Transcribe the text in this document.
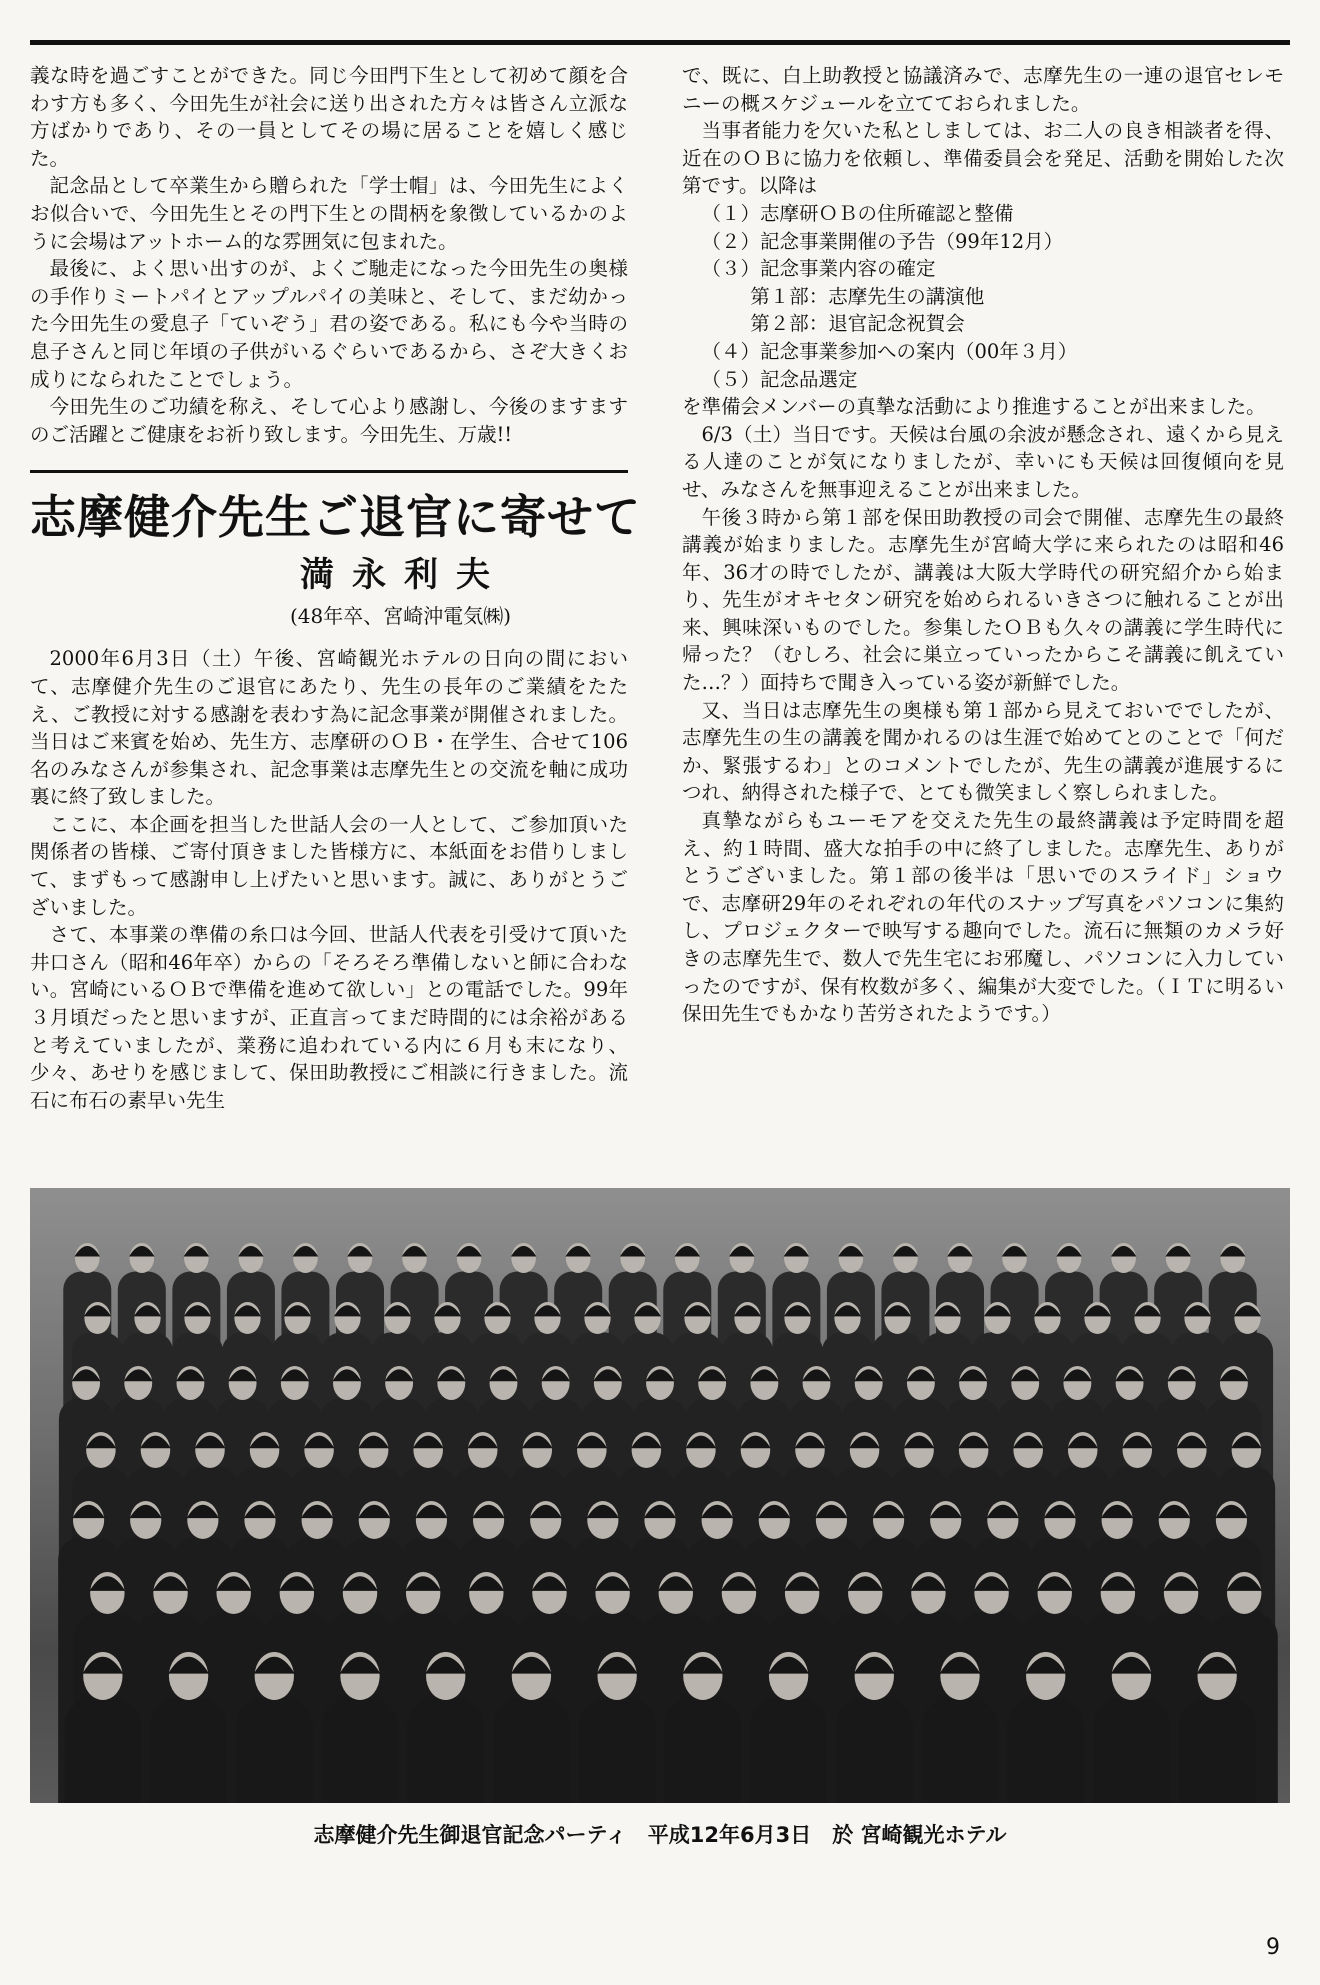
義な時を過ごすことができた。同じ今田門下生として初めて顔を合わす方も多く、今田先生が社会に送り出された方々は皆さん立派な方ばかりであり、その一員としてその場に居ることを嬉しく感じた。

記念品として卒業生から贈られた「学士帽」は、今田先生によくお似合いで、今田先生とその門下生との間柄を象徴しているかのように会場はアットホーム的な雰囲気に包まれた。

最後に、よく思い出すのが、よくご馳走になった今田先生の奥様の手作りミートパイとアップルパイの美味と、そして、まだ幼かった今田先生の愛息子「ていぞう」君の姿である。私にも今や当時の息子さんと同じ年頃の子供がいるぐらいであるから、さぞ大きくお成りになられたことでしょう。

今田先生のご功績を称え、そして心より感謝し、今後のますますのご活躍とご健康をお祈り致します。今田先生、万歳!!

志摩健介先生ご退官に寄せて
満永利夫
(48年卒、宮崎沖電気㈱)

2000年6月3日（土）午後、宮崎観光ホテルの日向の間において、志摩健介先生のご退官にあたり、先生の長年のご業績をたたえ、ご教授に対する感謝を表わす為に記念事業が開催されました。当日はご来賓を始め、先生方、志摩研のＯＢ・在学生、合せて106名のみなさんが参集され、記念事業は志摩先生との交流を軸に成功裏に終了致しました。

ここに、本企画を担当した世話人会の一人として、ご参加頂いた関係者の皆様、ご寄付頂きました皆様方に、本紙面をお借りしまして、まずもって感謝申し上げたいと思います。誠に、ありがとうございました。

さて、本事業の準備の糸口は今回、世話人代表を引受けて頂いた井口さん（昭和46年卒）からの「そろそろ準備しないと師に合わない。宮崎にいるＯＢで準備を進めて欲しい」との電話でした。99年３月頃だったと思いますが、正直言ってまだ時間的には余裕があると考えていましたが、業務に追われている内に６月も末になり、少々、あせりを感じまして、保田助教授にご相談に行きました。流石に布石の素早い先生

で、既に、白上助教授と協議済みで、志摩先生の一連の退官セレモニーの概スケジュールを立てておられました。

当事者能力を欠いた私としましては、お二人の良き相談者を得、近在のＯＢに協力を依頼し、準備委員会を発足、活動を開始した次第です。以降は

（１）志摩研ＯＢの住所確認と整備

（２）記念事業開催の予告（99年12月）

（３）記念事業内容の確定

第１部：志摩先生の講演他

第２部：退官記念祝賀会

（４）記念事業参加への案内（00年３月）

（５）記念品選定

を準備会メンバーの真摯な活動により推進することが出来ました。

6/3（土）当日です。天候は台風の余波が懸念され、遠くから見える人達のことが気になりましたが、幸いにも天候は回復傾向を見せ、みなさんを無事迎えることが出来ました。

午後３時から第１部を保田助教授の司会で開催、志摩先生の最終講義が始まりました。志摩先生が宮崎大学に来られたのは昭和46年、36才の時でしたが、講義は大阪大学時代の研究紹介から始まり、先生がオキセタン研究を始められるいきさつに触れることが出来、興味深いものでした。参集したＯＢも久々の講義に学生時代に帰った？（むしろ、社会に巣立っていったからこそ講義に飢えていた…？）面持ちで聞き入っている姿が新鮮でした。

又、当日は志摩先生の奥様も第１部から見えておいででしたが、志摩先生の生の講義を聞かれるのは生涯で始めてとのことで「何だか、緊張するわ」とのコメントでしたが、先生の講義が進展するにつれ、納得された様子で、とても微笑ましく察しられました。

真摯ながらもユーモアを交えた先生の最終講義は予定時間を超え、約１時間、盛大な拍手の中に終了しました。志摩先生、ありがとうございました。第１部の後半は「思いでのスライド」ショウで、志摩研29年のそれぞれの年代のスナップ写真をパソコンに集約し、プロジェクターで映写する趣向でした。流石に無類のカメラ好きの志摩先生で、数人で先生宅にお邪魔し、パソコンに入力していったのですが、保有枚数が多く、編集が大変でした。（ＩＴに明るい保田先生でもかなり苦労されたようです。）

志摩健介先生御退官記念パーティ　平成12年6月3日　於 宮崎観光ホテル
9
